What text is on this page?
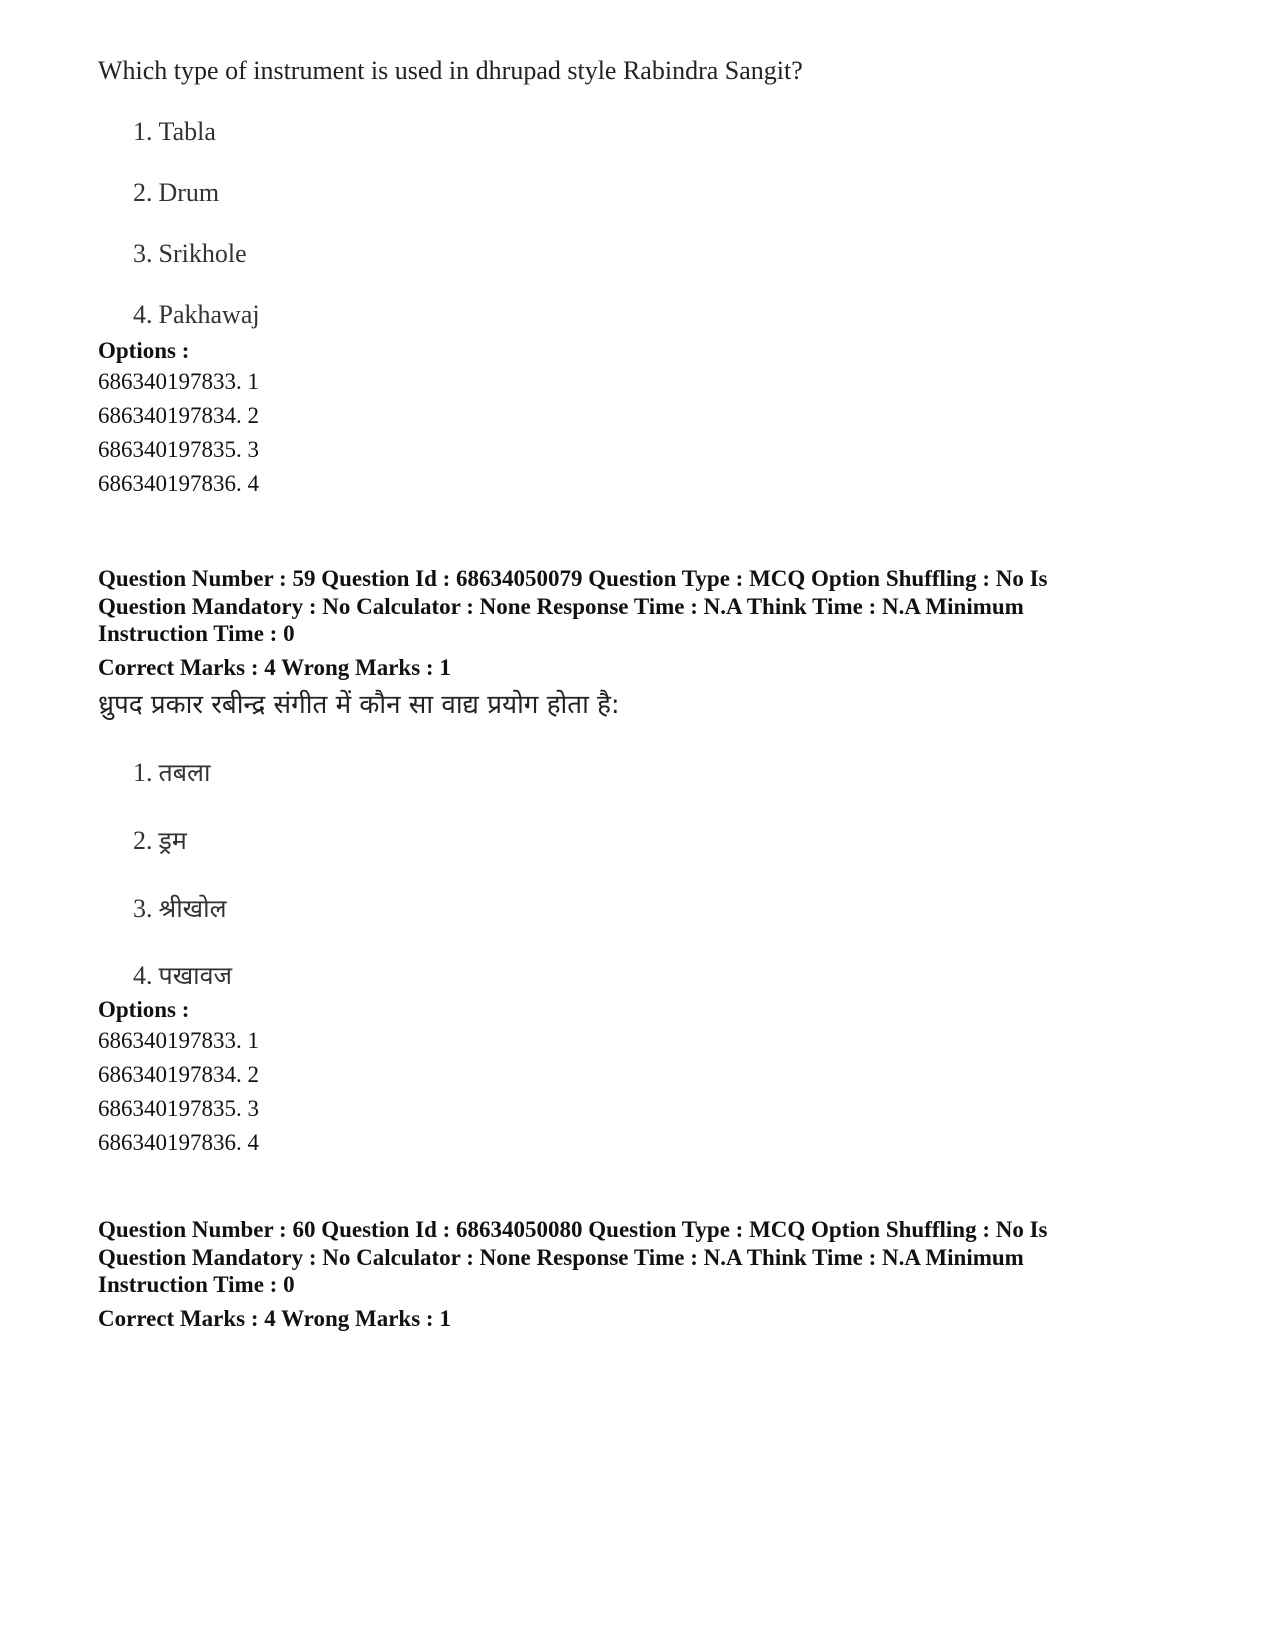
Which type of instrument is used in dhrupad style Rabindra Sangit?
1. Tabla
2. Drum
3. Srikhole
4. Pakhawaj
Options :
686340197833. 1
686340197834. 2
686340197835. 3
686340197836. 4
Question Number : 59 Question Id : 68634050079 Question Type : MCQ Option Shuffling : No Is
Question Mandatory : No Calculator : None Response Time : N.A Think Time : N.A Minimum
Instruction Time : 0
Correct Marks : 4 Wrong Marks : 1
ध्रुपद प्रकार रबीन्द्र संगीत में कौन सा वाद्य प्रयोग होता है:
1. तबला
2. ड्रम
3. श्रीखोल
4. पखावज
Options :
686340197833. 1
686340197834. 2
686340197835. 3
686340197836. 4
Question Number : 60 Question Id : 68634050080 Question Type : MCQ Option Shuffling : No Is
Question Mandatory : No Calculator : None Response Time : N.A Think Time : N.A Minimum
Instruction Time : 0
Correct Marks : 4 Wrong Marks : 1
